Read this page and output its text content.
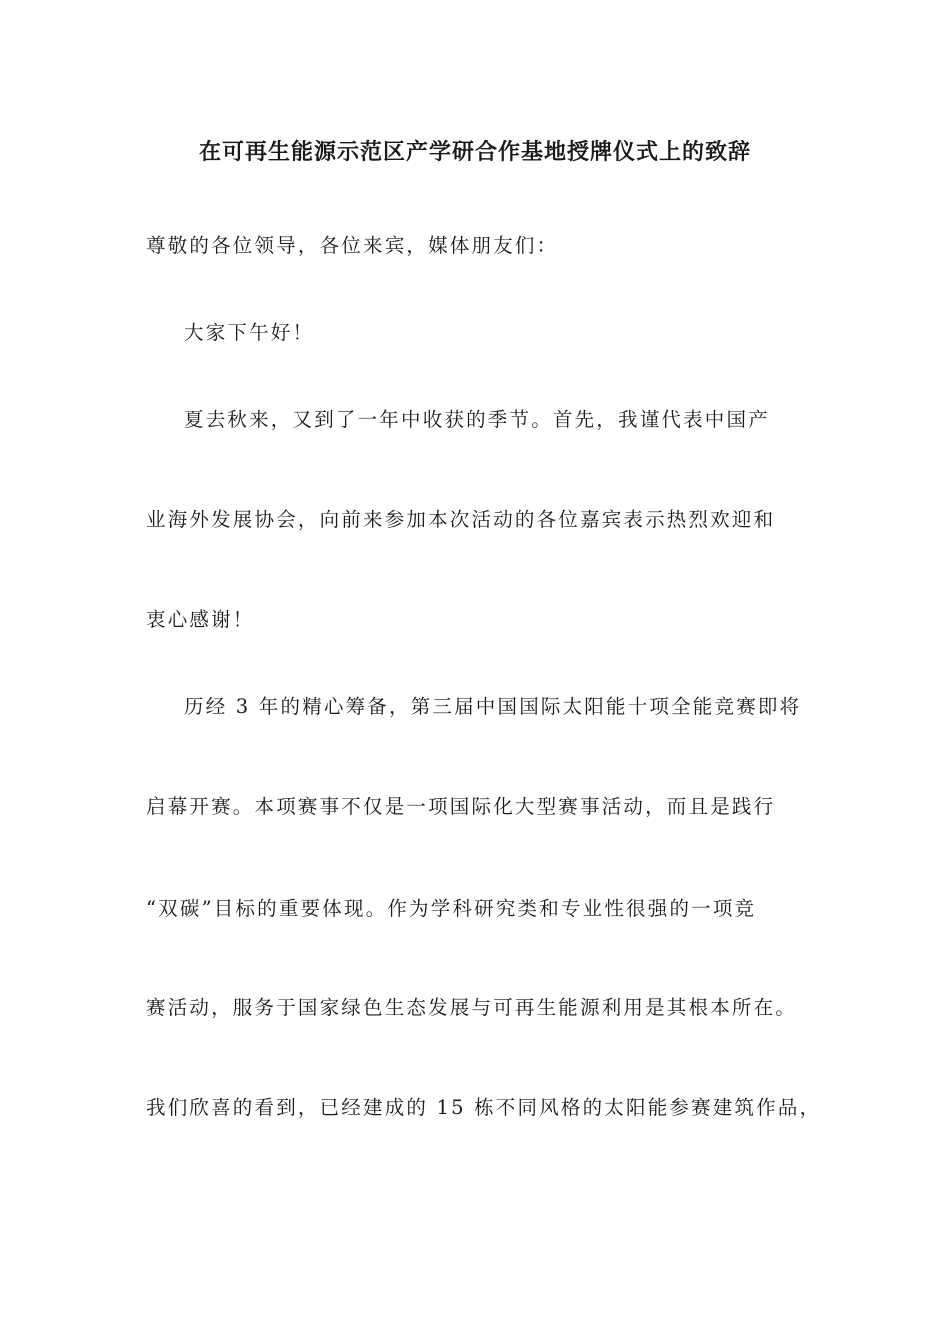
在可再生能源示范区产学研合作基地授牌仪式上的致辞
尊敬的各位领导，各位来宾，媒体朋友们：
大家下午好！
夏去秋来，又到了一年中收获的季节。首先，我谨代表中国产
业海外发展协会，向前来参加本次活动的各位嘉宾表示热烈欢迎和
衷心感谢！
历经 3 年的精心筹备，第三届中国国际太阳能十项全能竞赛即将
启幕开赛。本项赛事不仅是一项国际化大型赛事活动，而且是践行
“双碳”目标的重要体现。作为学科研究类和专业性很强的一项竞
赛活动，服务于国家绿色生态发展与可再生能源利用是其根本所在。
我们欣喜的看到，已经建成的 15 栋不同风格的太阳能参赛建筑作品，
